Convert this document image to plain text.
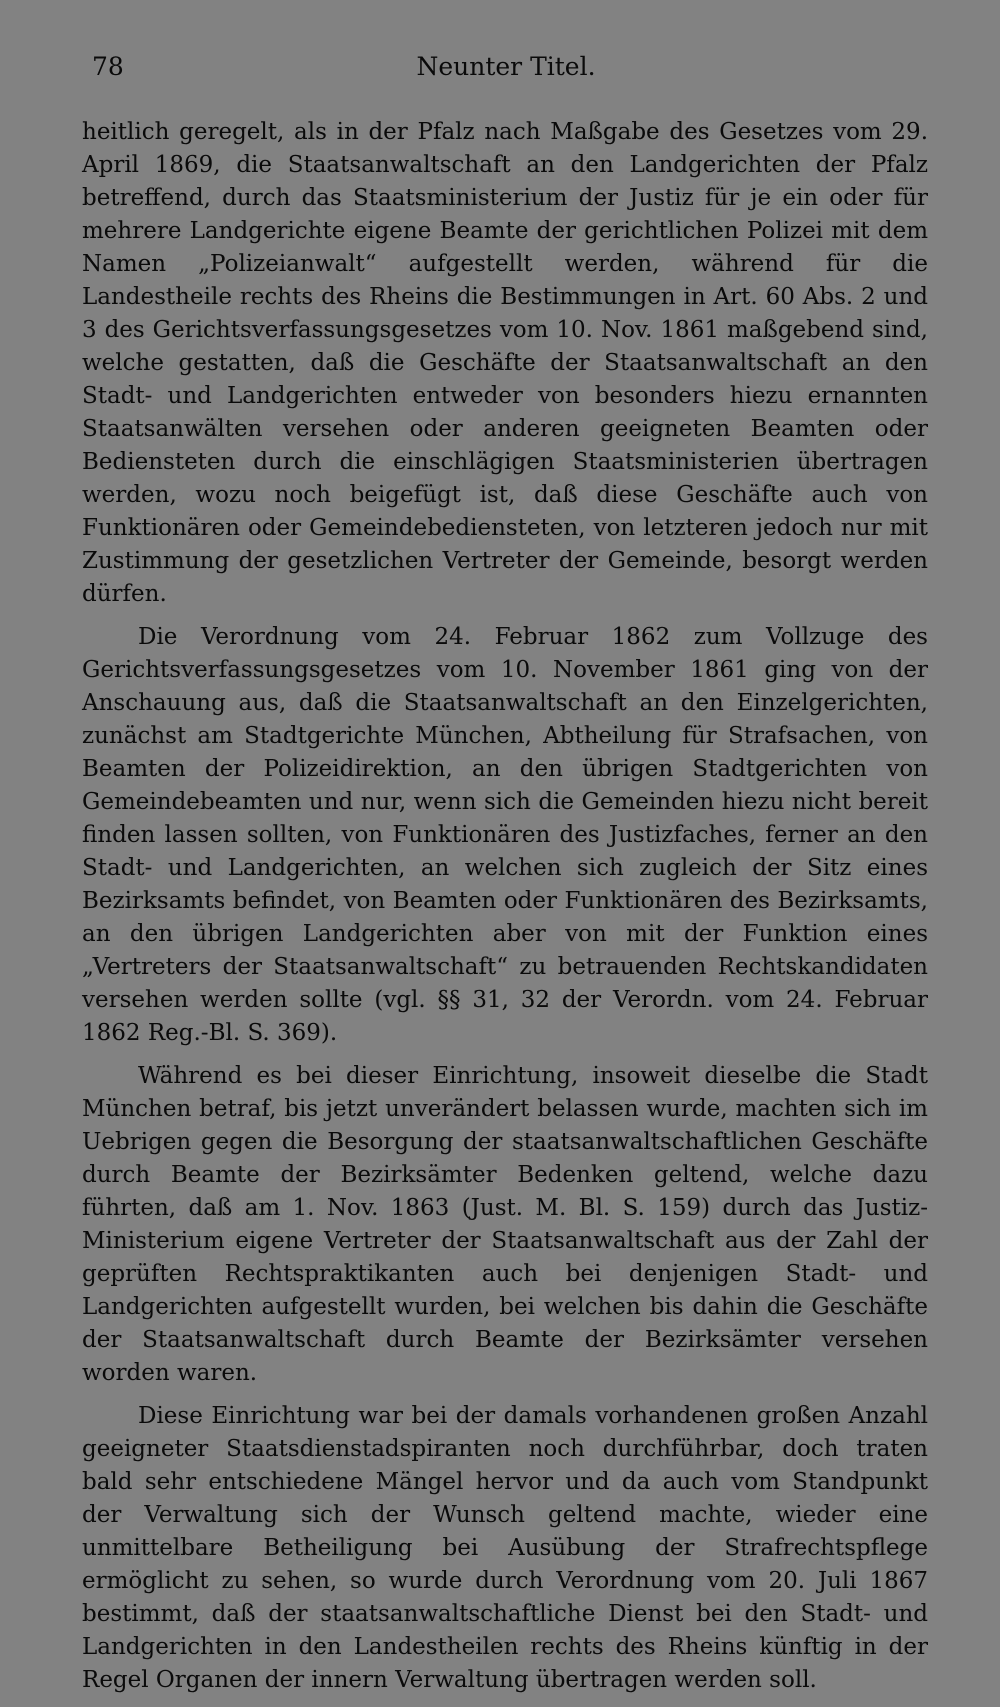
78	Neunter Titel.

heitlich geregelt, als in der Pfalz nach Maßgabe des Gesetzes vom 29. April 1869, die Staatsanwaltschaft an den Landgerichten der Pfalz betreffend, durch das Staatsministerium der Justiz für je ein oder für mehrere Landgerichte eigene Beamte der gerichtlichen Polizei mit dem Namen „Polizeianwalt“ aufgestellt werden, während für die Landestheile rechts des Rheins die Bestimmungen in Art. 60 Abs. 2 und 3 des Gerichtsverfassungsgesetzes vom 10. Nov. 1861 maßgebend sind, welche gestatten, daß die Geschäfte der Staatsanwaltschaft an den Stadt- und Landgerichten entweder von besonders hiezu ernannten Staatsanwälten versehen oder anderen geeigneten Beamten oder Bediensteten durch die einschlägigen Staatsministerien übertragen werden, wozu noch beigefügt ist, daß diese Geschäfte auch von Funktionären oder Gemeindebediensteten, von letzteren jedoch nur mit Zustimmung der gesetzlichen Vertreter der Gemeinde, besorgt werden dürfen.

Die Verordnung vom 24. Februar 1862 zum Vollzuge des Gerichtsverfassungsgesetzes vom 10. November 1861 ging von der Anschauung aus, daß die Staatsanwaltschaft an den Einzelgerichten, zunächst am Stadtgerichte München, Abtheilung für Strafsachen, von Beamten der Polizeidirektion, an den übrigen Stadtgerichten von Gemeindebeamten und nur, wenn sich die Gemeinden hiezu nicht bereit finden lassen sollten, von Funktionären des Justizfaches, ferner an den Stadt- und Landgerichten, an welchen sich zugleich der Sitz eines Bezirksamts befindet, von Beamten oder Funktionären des Bezirksamts, an den übrigen Landgerichten aber von mit der Funktion eines „Vertreters der Staatsanwaltschaft“ zu betrauenden Rechtskandidaten versehen werden sollte (vgl. §§ 31, 32 der Verordn. vom 24. Februar 1862 Reg.-Bl. S. 369).

Während es bei dieser Einrichtung, insoweit dieselbe die Stadt München betraf, bis jetzt unverändert belassen wurde, machten sich im Uebrigen gegen die Besorgung der staatsanwaltschaftlichen Geschäfte durch Beamte der Bezirksämter Bedenken geltend, welche dazu führten, daß am 1. Nov. 1863 (Just. M. Bl. S. 159) durch das Justiz-Ministerium eigene Vertreter der Staatsanwaltschaft aus der Zahl der geprüften Rechtspraktikanten auch bei denjenigen Stadt- und Landgerichten aufgestellt wurden, bei welchen bis dahin die Geschäfte der Staatsanwaltschaft durch Beamte der Bezirksämter versehen worden waren.

Diese Einrichtung war bei der damals vorhandenen großen Anzahl geeigneter Staatsdienstadspiranten noch durchführbar, doch traten bald sehr entschiedene Mängel hervor und da auch vom Standpunkt der Verwaltung sich der Wunsch geltend machte, wieder eine unmittelbare Betheiligung bei Ausübung der Strafrechtspflege ermöglicht zu sehen, so wurde durch Verordnung vom 20. Juli 1867 bestimmt, daß der staatsanwaltschaftliche Dienst bei den Stadt- und Landgerichten in den Landestheilen rechts des Rheins künftig in der Regel Organen der innern Verwaltung übertragen werden soll.
